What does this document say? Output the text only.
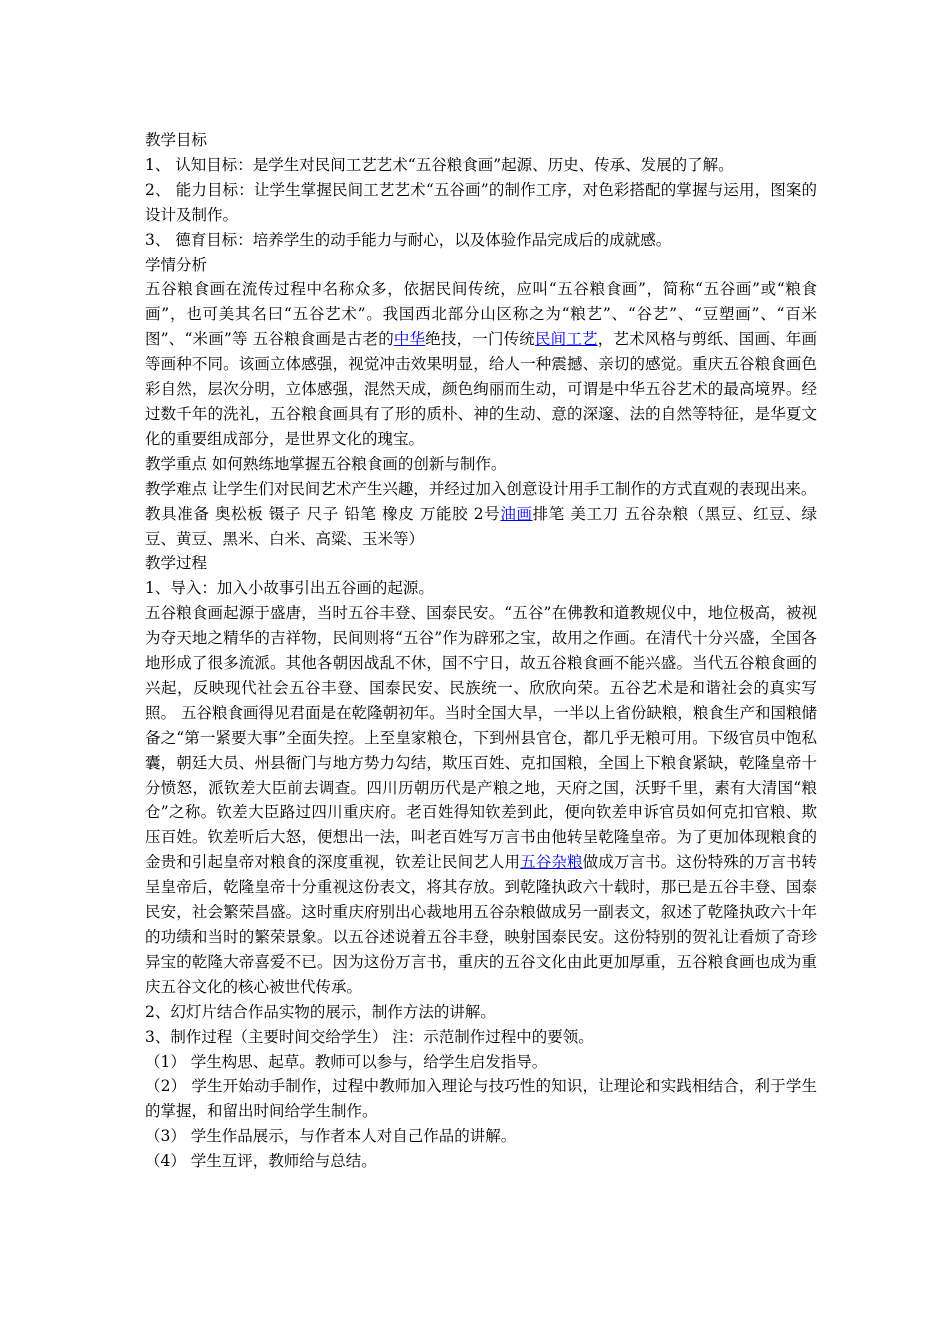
教学目标
1、 认知目标：是学生对民间工艺艺术“五谷粮食画”起源、历史、传承、发展的了解。
2、 能力目标：让学生掌握民间工艺艺术“五谷画”的制作工序，对色彩搭配的掌握与运用，图案的设计及制作。
3、 德育目标：培养学生的动手能力与耐心，以及体验作品完成后的成就感。
学情分析
五谷粮食画在流传过程中名称众多，依据民间传统，应叫“五谷粮食画”，简称“五谷画”或“粮食画”，也可美其名曰“五谷艺术”。我国西北部分山区称之为“粮艺”、“谷艺”、“豆塑画”、“百米图”、“米画”等 五谷粮食画是古老的中华绝技，一门传统民间工艺，艺术风格与剪纸、国画、年画等画种不同。该画立体感强，视觉冲击效果明显，给人一种震撼、亲切的感觉。重庆五谷粮食画色彩自然，层次分明，立体感强，混然天成，颜色绚丽而生动，可谓是中华五谷艺术的最高境界。经过数千年的洗礼，五谷粮食画具有了形的质朴、神的生动、意的深邃、法的自然等特征，是华夏文化的重要组成部分，是世界文化的瑰宝。
教学重点 如何熟练地掌握五谷粮食画的创新与制作。
教学难点 让学生们对民间艺术产生兴趣，并经过加入创意设计用手工制作的方式直观的表现出来。
教具准备 奥松板 镊子 尺子 铅笔 橡皮 万能胶 2号油画排笔 美工刀 五谷杂粮（黑豆、红豆、绿豆、黄豆、黑米、白米、高粱、玉米等）
教学过程
1、导入：加入小故事引出五谷画的起源。
五谷粮食画起源于盛唐，当时五谷丰登、国泰民安。“五谷”在佛教和道教规仪中，地位极高，被视为夺天地之精华的吉祥物，民间则将“五谷”作为辟邪之宝，故用之作画。在清代十分兴盛，全国各地形成了很多流派。其他各朝因战乱不休，国不宁日，故五谷粮食画不能兴盛。当代五谷粮食画的兴起，反映现代社会五谷丰登、国泰民安、民族统一、欣欣向荣。五谷艺术是和谐社会的真实写照。 五谷粮食画得见君面是在乾隆朝初年。当时全国大旱，一半以上省份缺粮，粮食生产和国粮储备之“第一紧要大事”全面失控。上至皇家粮仓，下到州县官仓，都几乎无粮可用。下级官员中饱私囊，朝廷大员、州县衙门与地方势力勾结，欺压百姓、克扣国粮，全国上下粮食紧缺，乾隆皇帝十分愤怒，派钦差大臣前去调查。四川历朝历代是产粮之地，天府之国，沃野千里，素有大清国“粮仓”之称。钦差大臣路过四川重庆府。老百姓得知钦差到此，便向钦差申诉官员如何克扣官粮、欺压百姓。钦差听后大怒，便想出一法，叫老百姓写万言书由他转呈乾隆皇帝。为了更加体现粮食的金贵和引起皇帝对粮食的深度重视，钦差让民间艺人用五谷杂粮做成万言书。这份特殊的万言书转呈皇帝后，乾隆皇帝十分重视这份表文，将其存放。到乾隆执政六十载时，那已是五谷丰登、国泰民安，社会繁荣昌盛。这时重庆府别出心裁地用五谷杂粮做成另一副表文，叙述了乾隆执政六十年的功绩和当时的繁荣景象。以五谷述说着五谷丰登，映射国泰民安。这份特别的贺礼让看烦了奇珍异宝的乾隆大帝喜爱不已。因为这份万言书，重庆的五谷文化由此更加厚重，五谷粮食画也成为重庆五谷文化的核心被世代传承。
2、幻灯片结合作品实物的展示，制作方法的讲解。
3、制作过程（主要时间交给学生） 注：示范制作过程中的要领。
（1） 学生构思、起草。教师可以参与，给学生启发指导。
（2） 学生开始动手制作，过程中教师加入理论与技巧性的知识，让理论和实践相结合，利于学生的掌握，和留出时间给学生制作。
（3） 学生作品展示，与作者本人对自己作品的讲解。
（4） 学生互评，教师给与总结。
